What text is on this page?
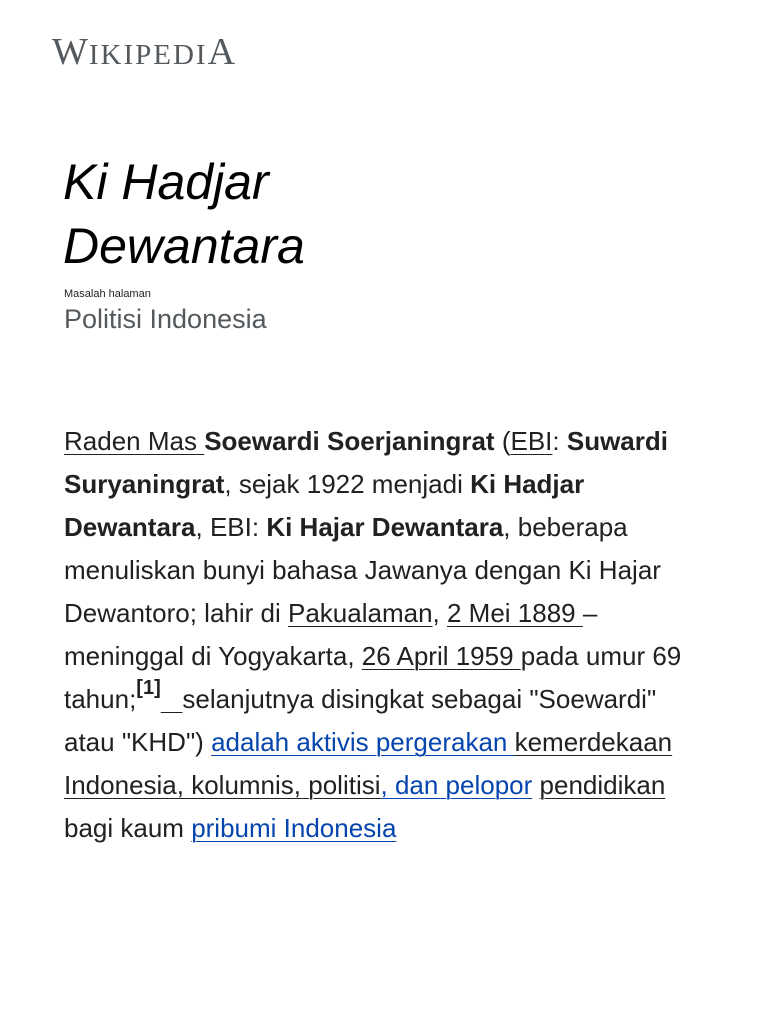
WIKIPEDIA
Ki Hadjar
Dewantara
Masalah halaman
Politisi Indonesia
Raden Mas Soewardi Soerjaningrat (EBI: Suwardi Suryaningrat, sejak 1922 menjadi Ki Hadjar Dewantara, EBI: Ki Hajar Dewantara, beberapa menuliskan bunyi bahasa Jawanya dengan Ki Hajar Dewantoro; lahir di Pakualaman, 2 Mei 1889 – meninggal di Yogyakarta, 26 April 1959 pada umur 69 tahun;[1] selanjutnya disingkat sebagai "Soewardi" atau "KHD") adalah aktivis pergerakan kemerdekaan Indonesia, kolumnis, politisi, dan pelopor pendidikan bagi kaum pribumi Indonesia
